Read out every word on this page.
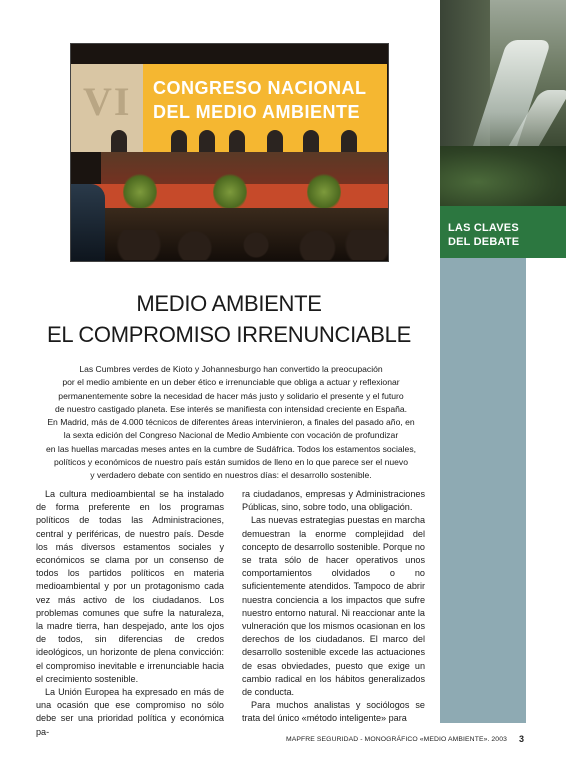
LAS CLAVES
DEL DEBATE
VI CONGRESO NACIONAL
DEL MEDIO AMBIENTE
MEDIO AMBIENTE
EL COMPROMISO IRRENUNCIABLE
Las Cumbres verdes de Kioto y Johannesburgo han convertido la preocupación
por el medio ambiente en un deber ético e irrenunciable que obliga a actuar y reflexionar
permanentemente sobre la necesidad de hacer más justo y solidario el presente y el futuro
de nuestro castigado planeta. Ese interés se manifiesta con intensidad creciente en España.
En Madrid, más de 4.000 técnicos de diferentes áreas intervinieron, a finales del pasado año, en
la sexta edición del Congreso Nacional de Medio Ambiente con vocación de profundizar
en las huellas marcadas meses antes en la cumbre de Sudáfrica. Todos los estamentos sociales,
políticos y económicos de nuestro país están sumidos de lleno en lo que parece ser el nuevo
y verdadero debate con sentido en nuestros días: el desarrollo sostenible.

La cultura medioambiental se ha instalado de forma preferente en los programas políticos de todas las Administraciones, central y periféricas, de nuestro país. Desde los más diversos estamentos sociales y económicos se clama por un consenso de todos los partidos políticos en materia medioambiental y por un protagonismo cada vez más activo de los ciudadanos. Los problemas comunes que sufre la naturaleza, la madre tierra, han despejado, ante los ojos de todos, sin diferencias de credos ideológicos, un horizonte de plena convicción: el compromiso inevitable e irrenunciable hacia el crecimiento sostenible.

La Unión Europea ha expresado en más de una ocasión que ese compromiso no sólo debe ser una prioridad política y económica pa-

ra ciudadanos, empresas y Administraciones Públicas, sino, sobre todo, una obligación.

Las nuevas estrategias puestas en marcha demuestran la enorme complejidad del concepto de desarrollo sostenible. Porque no se trata sólo de hacer operativos unos comportamientos olvidados o no suficientemente atendidos. Tampoco de abrir nuestra conciencia a los impactos que sufre nuestro entorno natural. Ni reaccionar ante la vulneración que los mismos ocasionan en los derechos de los ciudadanos. El marco del desarrollo sostenible excede las actuaciones de esas obviedades, puesto que exige un cambio radical en los hábitos generalizados de conducta.

Para muchos analistas y sociólogos se trata del único «método inteligente» para

MAPFRE SEGURIDAD - MONOGRÁFICO «MEDIO AMBIENTE». 2003 3
